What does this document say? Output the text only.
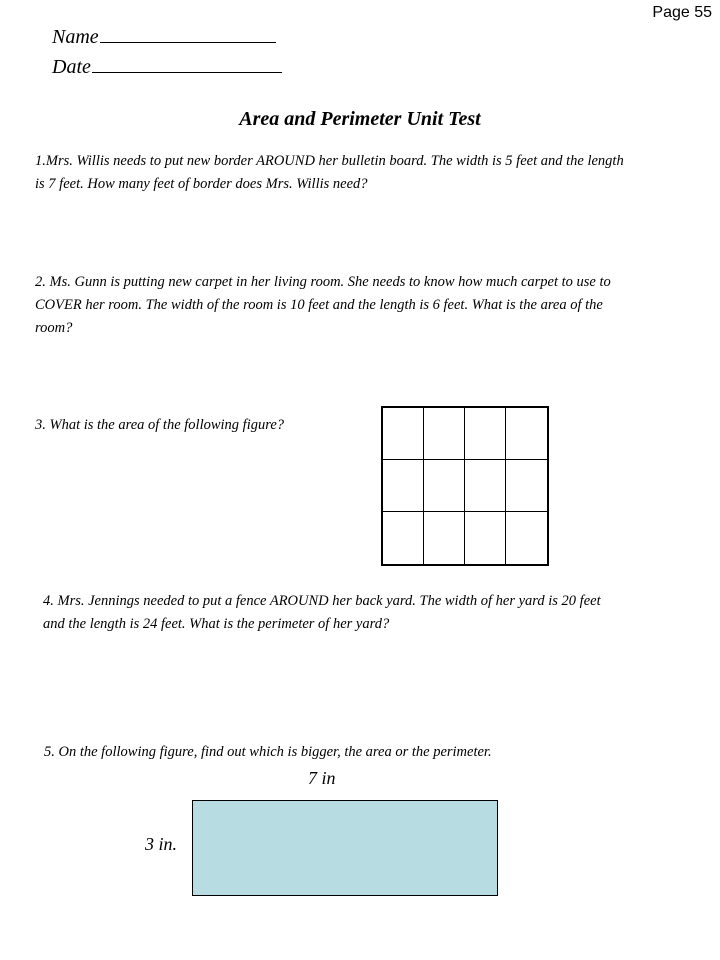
Page 55
Name
Date
Area and Perimeter Unit Test
1.Mrs. Willis needs to put new border AROUND her bulletin board. The width is 5 feet and the length is 7 feet. How many feet of border does Mrs. Willis need?
2. Ms. Gunn is putting new carpet in her living room. She needs to know how much carpet to use to COVER her room. The width of the room is 10 feet and the length is 6 feet. What is the area of the room?
3. What is the area of the following figure?
4. Mrs. Jennings needed to put a fence AROUND her back yard. The width of her yard is 20 feet and the length is 24 feet. What is the perimeter of her yard?
5. On the following figure, find out which is bigger, the area or the perimeter.
7 in
3 in.
